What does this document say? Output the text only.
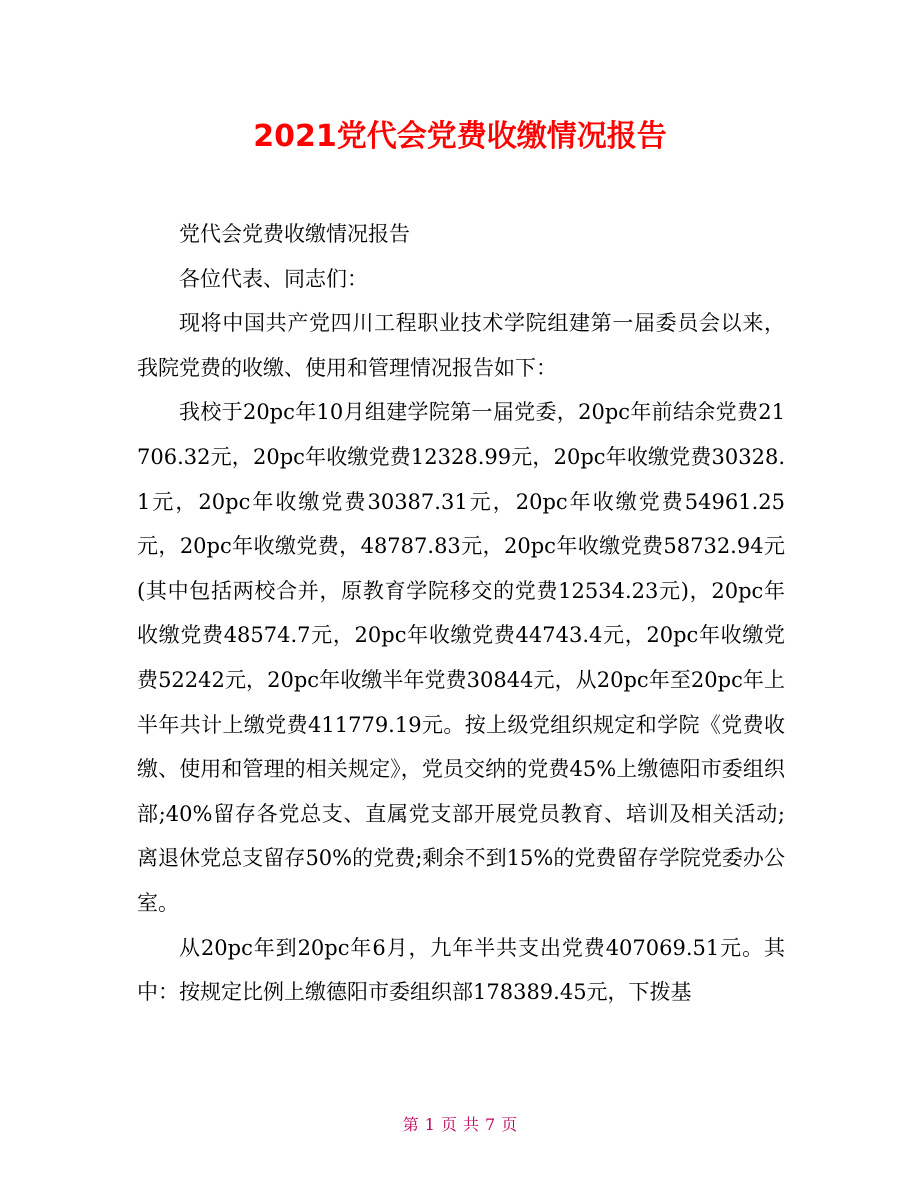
2021党代会党费收缴情况报告

党代会党费收缴情况报告

各位代表、同志们：

现将中国共产党四川工程职业技术学院组建第一届委员会以来，我院党费的收缴、使用和管理情况报告如下：

我校于20pc年10月组建学院第一届党委，20pc年前结余党费21706.32元，20pc年收缴党费12328.99元，20pc年收缴党费30328.1元，20pc年收缴党费30387.31元，20pc年收缴党费54961.25元，20pc年收缴党费，48787.83元，20pc年收缴党费58732.94元(其中包括两校合并，原教育学院移交的党费12534.23元)，20pc年收缴党费48574.7元，20pc年收缴党费44743.4元，20pc年收缴党费52242元，20pc年收缴半年党费30844元，从20pc年至20pc年上半年共计上缴党费411779.19元。按上级党组织规定和学院《党费收缴、使用和管理的相关规定》，党员交纳的党费45%上缴德阳市委组织部;40%留存各党总支、直属党支部开展党员教育、培训及相关活动;离退休党总支留存50%的党费;剩余不到15%的党费留存学院党委办公室。

从20pc年到20pc年6月，九年半共支出党费407069.51元。其中：按规定比例上缴德阳市委组织部178389.45元，下拨基

第 1 页 共 7 页
